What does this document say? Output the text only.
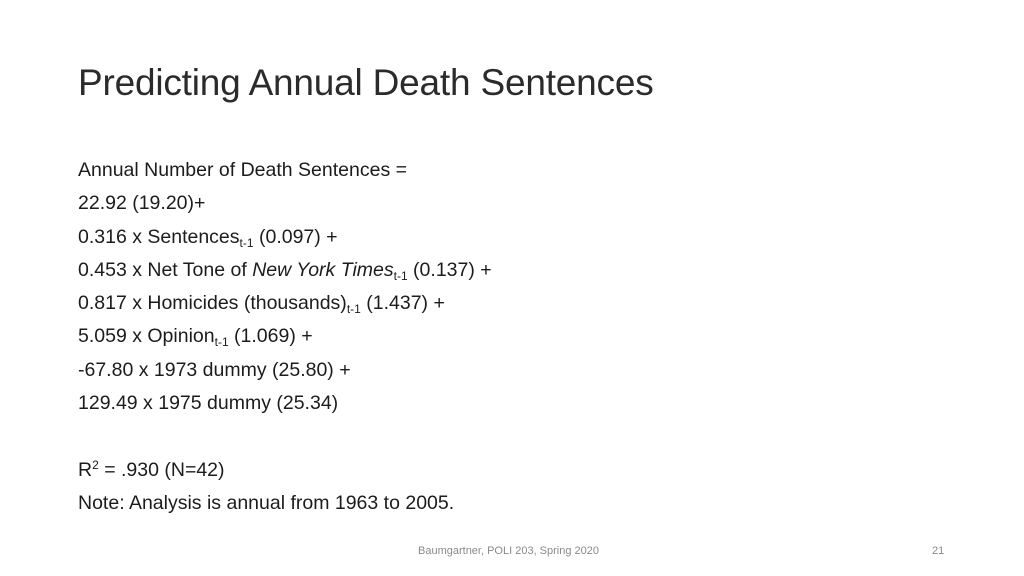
Predicting Annual Death Sentences
Annual Number of Death Sentences =
22.92 (19.20)+
0.316 x Sentences$_{t-1}$ (0.097) +
0.453 x Net Tone of New York Times$_{t-1}$ (0.137) +
0.817 x Homicides $(thousands)_{t-1}$ (1.437) +
5.059 x Opinion$_{t-1}$ (1.069) +
-67.80 x 1973 dummy (25.80) +
129.49 x 1975 dummy (25.34)
$R^2 = .930$ (N=42)
Note: Analysis is annual from 1963 to 2005.
Baumgartner, POLI 203, Spring 2020	21
